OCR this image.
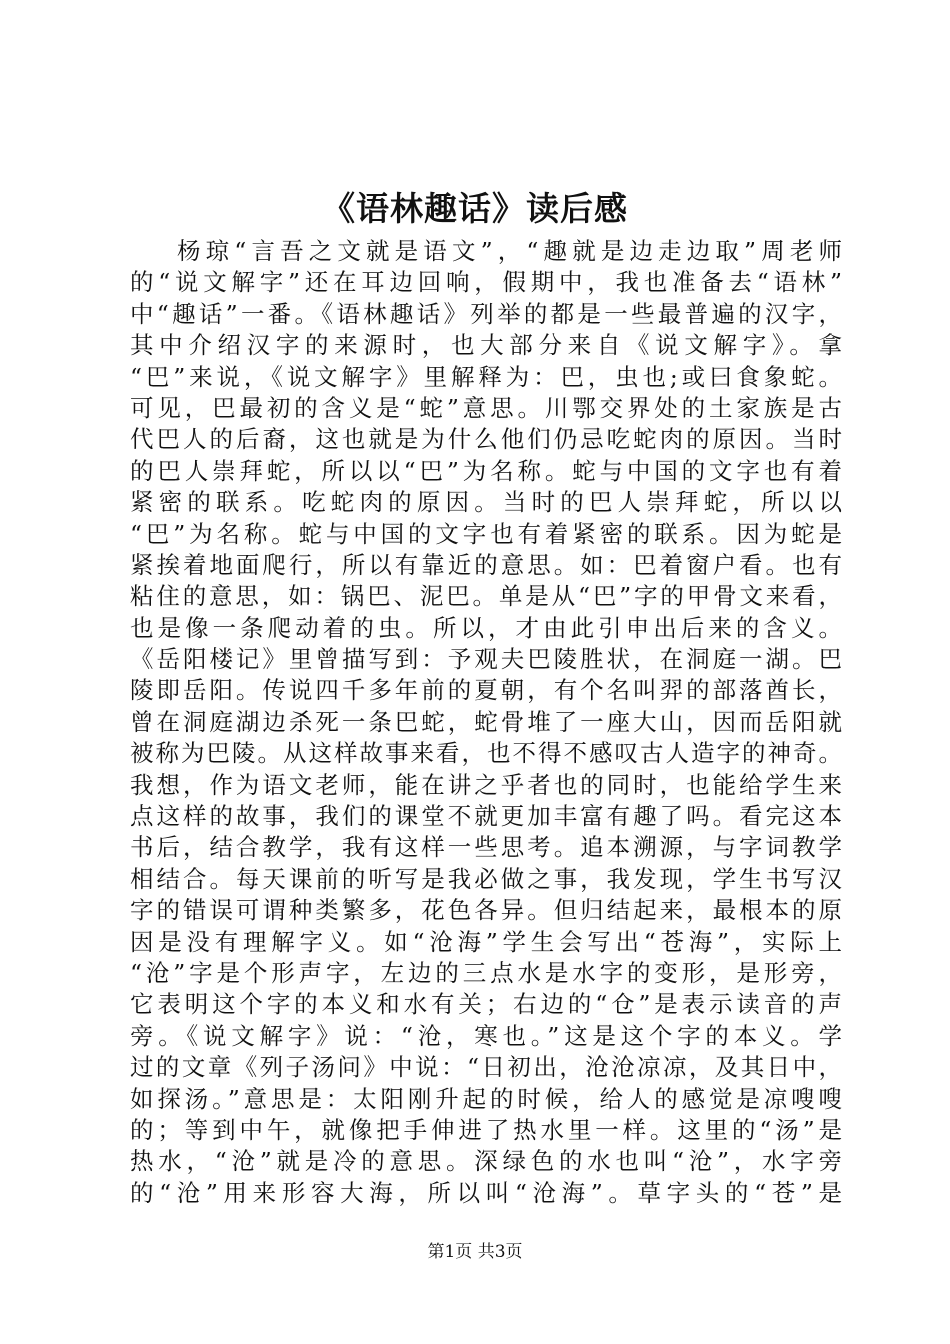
《语林趣话》读后感
杨琼“言吾之文就是语文”，“趣就是边走边取”周老师
的“说文解字”还在耳边回响，假期中，我也准备去“语林”
中“趣话”一番。《语林趣话》列举的都是一些最普遍的汉字，
其中介绍汉字的来源时，也大部分来自《说文解字》。拿
“巴”来说，《说文解字》里解释为：巴，虫也;或曰食象蛇。
可见，巴最初的含义是“蛇”意思。川鄂交界处的土家族是古
代巴人的后裔，这也就是为什么他们仍忌吃蛇肉的原因。当时
的巴人崇拜蛇，所以以“巴”为名称。蛇与中国的文字也有着
紧密的联系。吃蛇肉的原因。当时的巴人崇拜蛇，所以以
“巴”为名称。蛇与中国的文字也有着紧密的联系。因为蛇是
紧挨着地面爬行，所以有靠近的意思。如：巴着窗户看。也有
粘住的意思，如：锅巴、泥巴。单是从“巴”字的甲骨文来看，
也是像一条爬动着的虫。所以，才由此引申出后来的含义。
《岳阳楼记》里曾描写到：予观夫巴陵胜状，在洞庭一湖。巴
陵即岳阳。传说四千多年前的夏朝，有个名叫羿的部落酋长，
曾在洞庭湖边杀死一条巴蛇，蛇骨堆了一座大山，因而岳阳就
被称为巴陵。从这样故事来看，也不得不感叹古人造字的神奇。
我想，作为语文老师，能在讲之乎者也的同时，也能给学生来
点这样的故事，我们的课堂不就更加丰富有趣了吗。看完这本
书后，结合教学，我有这样一些思考。追本溯源，与字词教学
相结合。每天课前的听写是我必做之事，我发现，学生书写汉
字的错误可谓种类繁多，花色各异。但归结起来，最根本的原
因是没有理解字义。如“沧海”学生会写出“苍海”，实际上
“沧”字是个形声字，左边的三点水是水字的变形，是形旁，
它表明这个字的本义和水有关；右边的“仓”是表示读音的声
旁。《说文解字》说：“沧，寒也。”这是这个字的本义。学
过的文章《列子汤问》中说：“日初出，沧沧凉凉，及其日中，
如探汤。”意思是：太阳刚升起的时候，给人的感觉是凉嗖嗖
的；等到中午，就像把手伸进了热水里一样。这里的“汤”是
热水，“沧”就是冷的意思。深绿色的水也叫“沧”，水字旁
的“沧”用来形容大海，所以叫“沧海”。草字头的“苍”是
第1页 共3页
